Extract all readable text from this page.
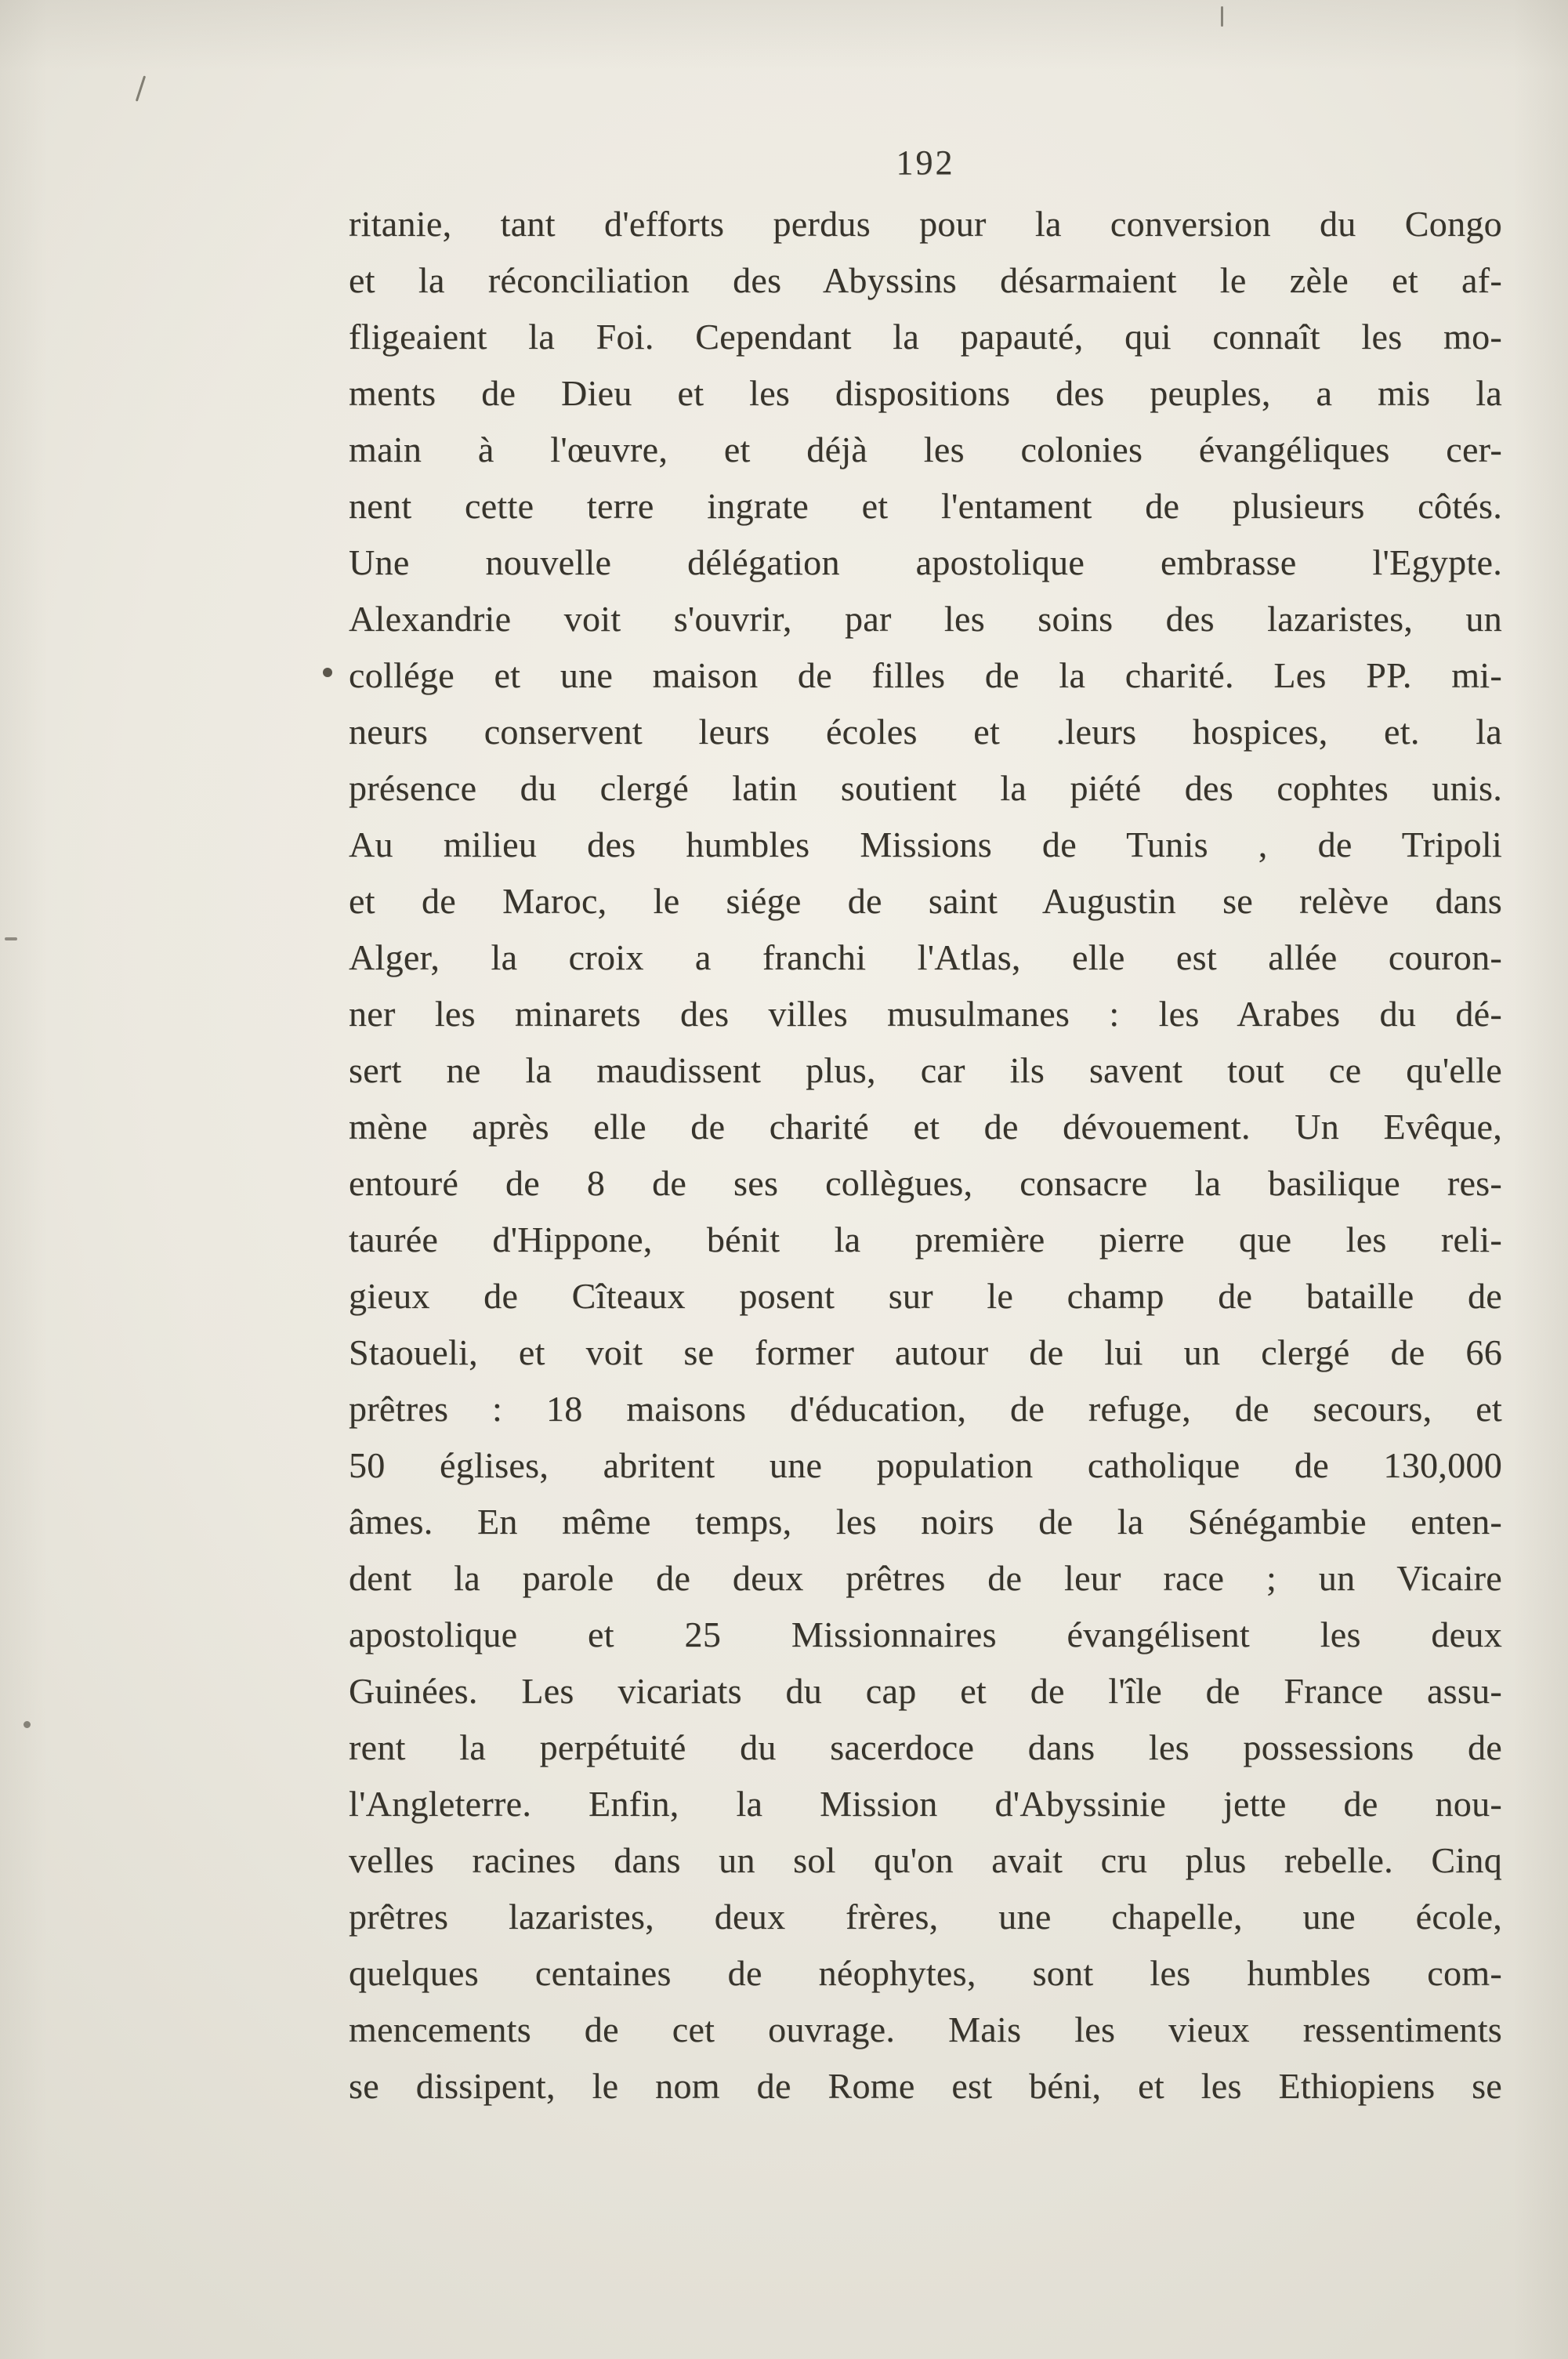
192
ritanie, tant d'efforts perdus pour la conversion du Congo
et la réconciliation des Abyssins désarmaient le zèle et af-
fligeaient la Foi. Cependant la papauté, qui connaît les mo-
ments de Dieu et les dispositions des peuples, a mis la
main à l'œuvre, et déjà les colonies évangéliques cer-
nent cette terre ingrate et l'entament de plusieurs côtés.
Une nouvelle délégation apostolique embrasse l'Egypte.
Alexandrie voit s'ouvrir, par les soins des lazaristes, un
collége et une maison de filles de la charité. Les PP. mi-
neurs conservent leurs écoles et .leurs hospices, et. la
présence du clergé latin soutient la piété des cophtes unis.
Au milieu des humbles Missions de Tunis , de Tripoli
et de Maroc, le siége de saint Augustin se relève dans
Alger, la croix a franchi l'Atlas, elle est allée couron-
ner les minarets des villes musulmanes : les Arabes du dé-
sert ne la maudissent plus, car ils savent tout ce qu'elle
mène après elle de charité et de dévouement. Un Evêque,
entouré de 8 de ses collègues, consacre la basilique res-
taurée d'Hippone, bénit la première pierre que les reli-
gieux de Cîteaux posent sur le champ de bataille de
Staoueli, et voit se former autour de lui un clergé de 66
prêtres : 18 maisons d'éducation, de refuge, de secours, et
50 églises, abritent une population catholique de 130,000
âmes. En même temps, les noirs de la Sénégambie enten-
dent la parole de deux prêtres de leur race ; un Vicaire
apostolique et 25 Missionnaires évangélisent les deux
Guinées. Les vicariats du cap et de l'île de France assu-
rent la perpétuité du sacerdoce dans les possessions de
l'Angleterre. Enfin, la Mission d'Abyssinie jette de nou-
velles racines dans un sol qu'on avait cru plus rebelle. Cinq
prêtres lazaristes, deux frères, une chapelle, une école,
quelques centaines de néophytes, sont les humbles com-
mencements de cet ouvrage. Mais les vieux ressentiments
se dissipent, le nom de Rome est béni, et les Ethiopiens se
